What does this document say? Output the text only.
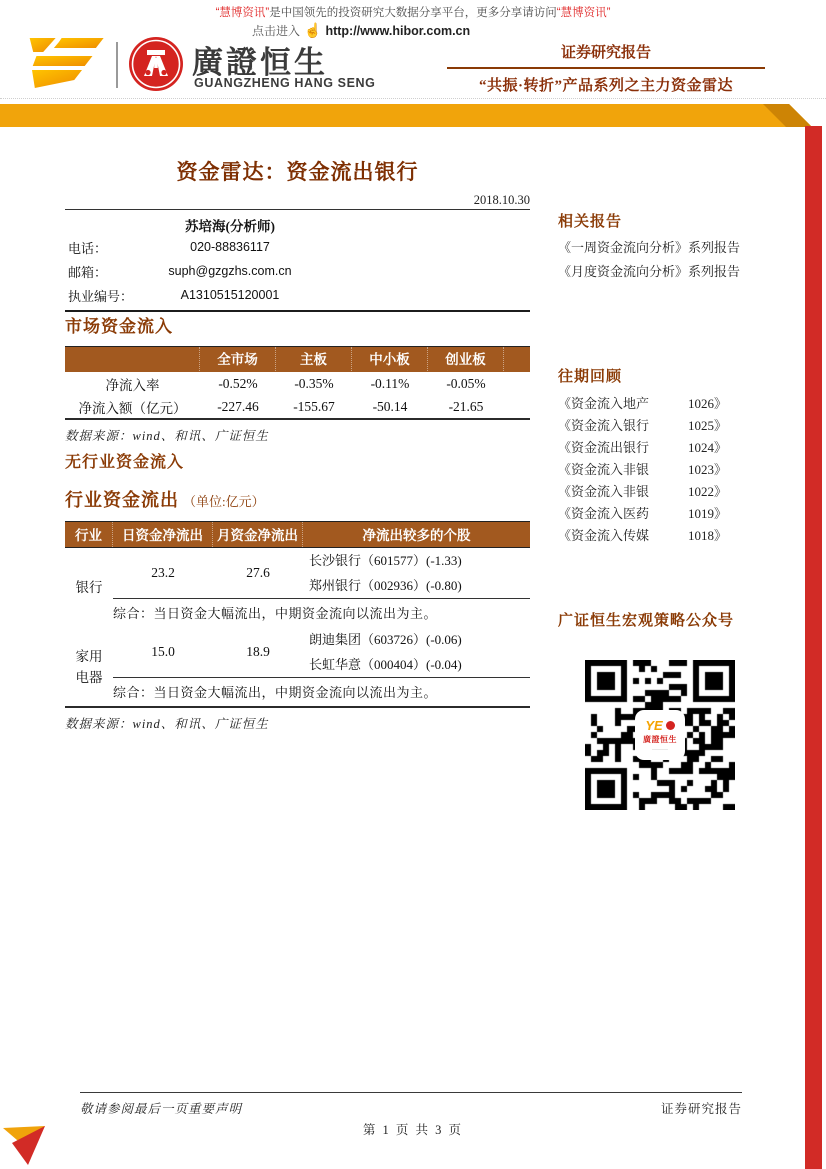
“慧博资讯”是中国领先的投资研究大数据分享平台，更多分享请访问“慧博资讯”
点击进入 ☝ http://www.hibor.com.cn
廣證恒生
GUANGZHENG HANG SENG
证券研究报告
“共振·转折”产品系列之主力资金雷达
资金雷达：资金流出银行
2018.10.30
苏培海(分析师)
电话：	020-88836117
邮箱：	suph@gzgzhs.com.cn
执业编号：	A1310515120001
市场资金流入
全市场	主板	中小板	创业板
净流入率	-0.52%	-0.35%	-0.11%	-0.05%
净流入额（亿元）	-227.46	-155.67	-50.14	-21.65
数据来源：wind、和讯、广证恒生
无行业资金流入
行业资金流出 （单位:亿元）
行业	日资金净流出	月资金净流出	净流出较多的个股
银行
23.2	27.6
长沙银行（601577）(-1.33)
郑州银行（002936）(-0.80)
综合：当日资金大幅流出，中期资金流向以流出为主。
家用
电器
15.0	18.9
朗迪集团（603726）(-0.06)
长虹华意（000404）(-0.04)
综合：当日资金大幅流出，中期资金流向以流出为主。
数据来源：wind、和讯、广证恒生
相关报告
《一周资金流向分析》系列报告
《月度资金流向分析》系列报告
往期回顾
《资金流入地产	1026》
《资金流入银行	1025》
《资金流出银行	1024》
《资金流入非银	1023》
《资金流入非银	1022》
《资金流入医药	1019》
《资金流入传媒	1018》
广证恒生宏观策略公众号
YE
廣證恒生
————
敬请参阅最后一页重要声明	证券研究报告
第 1 页 共 3 页
